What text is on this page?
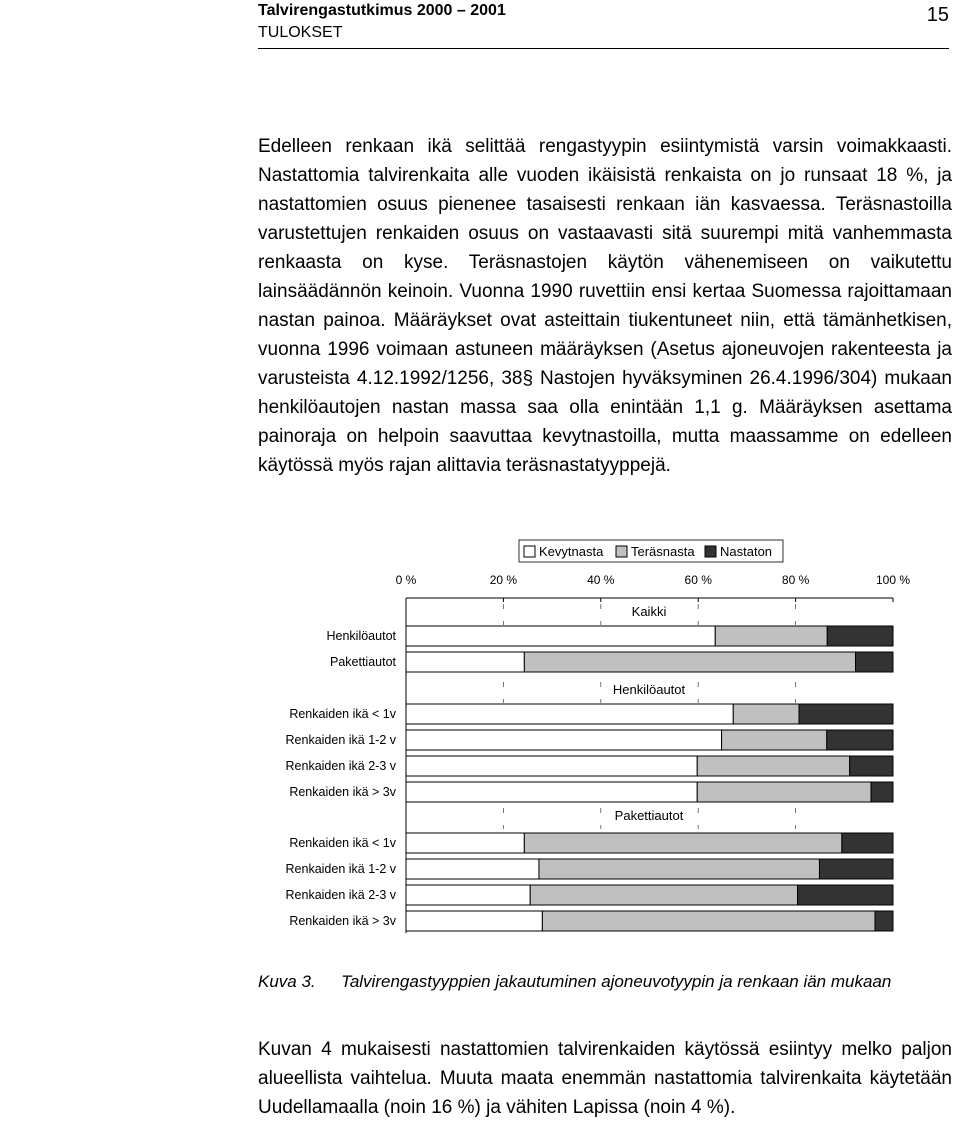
Talvirengastutkimus 2000 – 2001
TULOKSET
15

Edelleen renkaan ikä selittää rengastyypin esiintymistä varsin voimakkaasti. Nastattomia talvirenkaita alle vuoden ikäisistä renkaista on jo runsaat 18 %, ja nastattomien osuus pienenee tasaisesti renkaan iän kasvaessa. Teräsnastoilla varustettujen renkaiden osuus on vastaavasti sitä suurempi mitä vanhemmasta renkaasta on kyse. Teräsnastojen käytön vähenemiseen on vaikutettu lainsäädännön keinoin. Vuonna 1990 ruvettiin ensi kertaa Suomessa rajoittamaan nastan painoa. Määräykset ovat asteittain tiukentuneet niin, että tämänhetkisen, vuonna 1996 voimaan astuneen määräyksen (Asetus ajoneuvojen rakenteesta ja varusteista 4.12.1992/1256, 38§ Nastojen hyväksyminen 26.4.1996/304) mukaan henkilöautojen nastan massa saa olla enintään 1,1 g. Määräyksen asettama painoraja on helpoin saavuttaa kevytnastoilla, mutta maassamme on edelleen käytössä myös rajan alittavia teräsnastatyyppejä.

0 %	20 %	40 %	60 %	80 %	100 %
Kevytnasta Teräsnasta Nastaton
Kaikki
Henkilöautot
Pakettiautot
Henkilöautot
Renkaiden ikä < 1v
Renkaiden ikä 1-2 v
Renkaiden ikä 2-3 v
Renkaiden ikä > 3v
Pakettiautot
Renkaiden ikä < 1v
Renkaiden ikä 1-2 v
Renkaiden ikä 2-3 v
Renkaiden ikä > 3v
Kuva 3. Talvirengastyyppien jakautuminen ajoneuvotyypin ja renkaan iän mukaan

Kuvan 4 mukaisesti nastattomien talvirenkaiden käytössä esiintyy melko paljon alueellista vaihtelua. Muuta maata enemmän nastattomia talvirenkaita käytetään Uudellamaalla (noin 16 %) ja vähiten Lapissa (noin 4 %).
